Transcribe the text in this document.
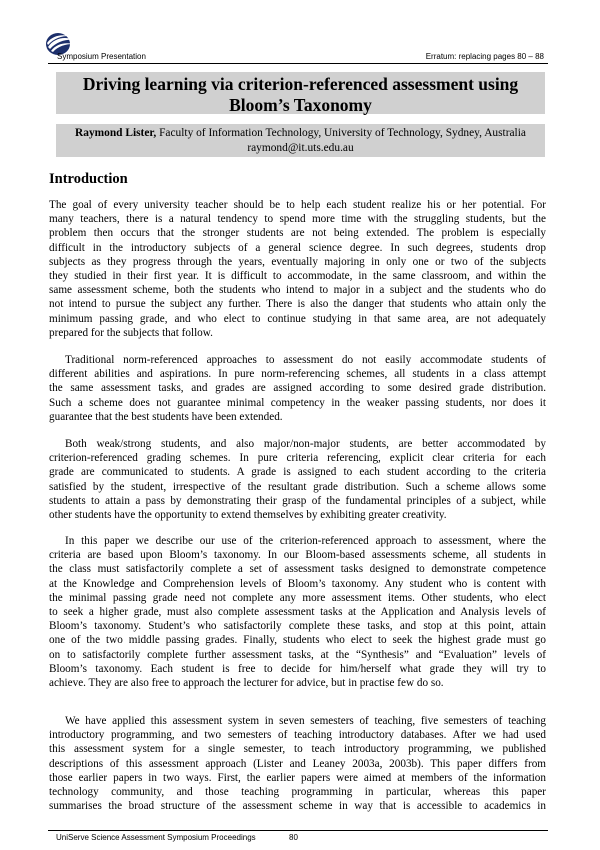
Symposium Presentation	Erratum: replacing pages 80 – 88
Driving learning via criterion-referenced assessment using
Bloom’s Taxonomy
Raymond Lister, Faculty of Information Technology, University of Technology, Sydney, Australia
raymond@it.uts.edu.au
Introduction
The goal of every university teacher should be to help each student realize his or her potential. For
many teachers, there is a natural tendency to spend more time with the struggling students, but the
problem then occurs that the stronger students are not being extended. The problem is especially
difficult in the introductory subjects of a general science degree. In such degrees, students drop
subjects as they progress through the years, eventually majoring in only one or two of the subjects
they studied in their first year. It is difficult to accommodate, in the same classroom, and within the
same assessment scheme, both the students who intend to major in a subject and the students who do
not intend to pursue the subject any further. There is also the danger that students who attain only the
minimum passing grade, and who elect to continue studying in that same area, are not adequately
prepared for the subjects that follow.
Traditional norm-referenced approaches to assessment do not easily accommodate students of
different abilities and aspirations. In pure norm-referencing schemes, all students in a class attempt
the same assessment tasks, and grades are assigned according to some desired grade distribution.
Such a scheme does not guarantee minimal competency in the weaker passing students, nor does it
guarantee that the best students have been extended.
Both weak/strong students, and also major/non-major students, are better accommodated by
criterion-referenced grading schemes. In pure criteria referencing, explicit clear criteria for each
grade are communicated to students. A grade is assigned to each student according to the criteria
satisfied by the student, irrespective of the resultant grade distribution. Such a scheme allows some
students to attain a pass by demonstrating their grasp of the fundamental principles of a subject, while
other students have the opportunity to extend themselves by exhibiting greater creativity.
In this paper we describe our use of the criterion-referenced approach to assessment, where the
criteria are based upon Bloom’s taxonomy. In our Bloom-based assessments scheme, all students in
the class must satisfactorily complete a set of assessment tasks designed to demonstrate competence
at the Knowledge and Comprehension levels of Bloom’s taxonomy. Any student who is content with
the minimal passing grade need not complete any more assessment items. Other students, who elect
to seek a higher grade, must also complete assessment tasks at the Application and Analysis levels of
Bloom’s taxonomy. Student’s who satisfactorily complete these tasks, and stop at this point, attain
one of the two middle passing grades. Finally, students who elect to seek the highest grade must go
on to satisfactorily complete further assessment tasks, at the “Synthesis” and “Evaluation” levels of
Bloom’s taxonomy. Each student is free to decide for him/herself what grade they will try to
achieve. They are also free to approach the lecturer for advice, but in practise few do so.
We have applied this assessment system in seven semesters of teaching, five semesters of teaching
introductory programming, and two semesters of teaching introductory databases. After we had used
this assessment system for a single semester, to teach introductory programming, we published
descriptions of this assessment approach (Lister and Leaney 2003a, 2003b). This paper differs from
those earlier papers in two ways. First, the earlier papers were aimed at members of the information
technology community, and those teaching programming in particular, whereas this paper
summarises the broad structure of the assessment scheme in way that is accessible to academics in
UniServe Science Assessment Symposium Proceedings	80
